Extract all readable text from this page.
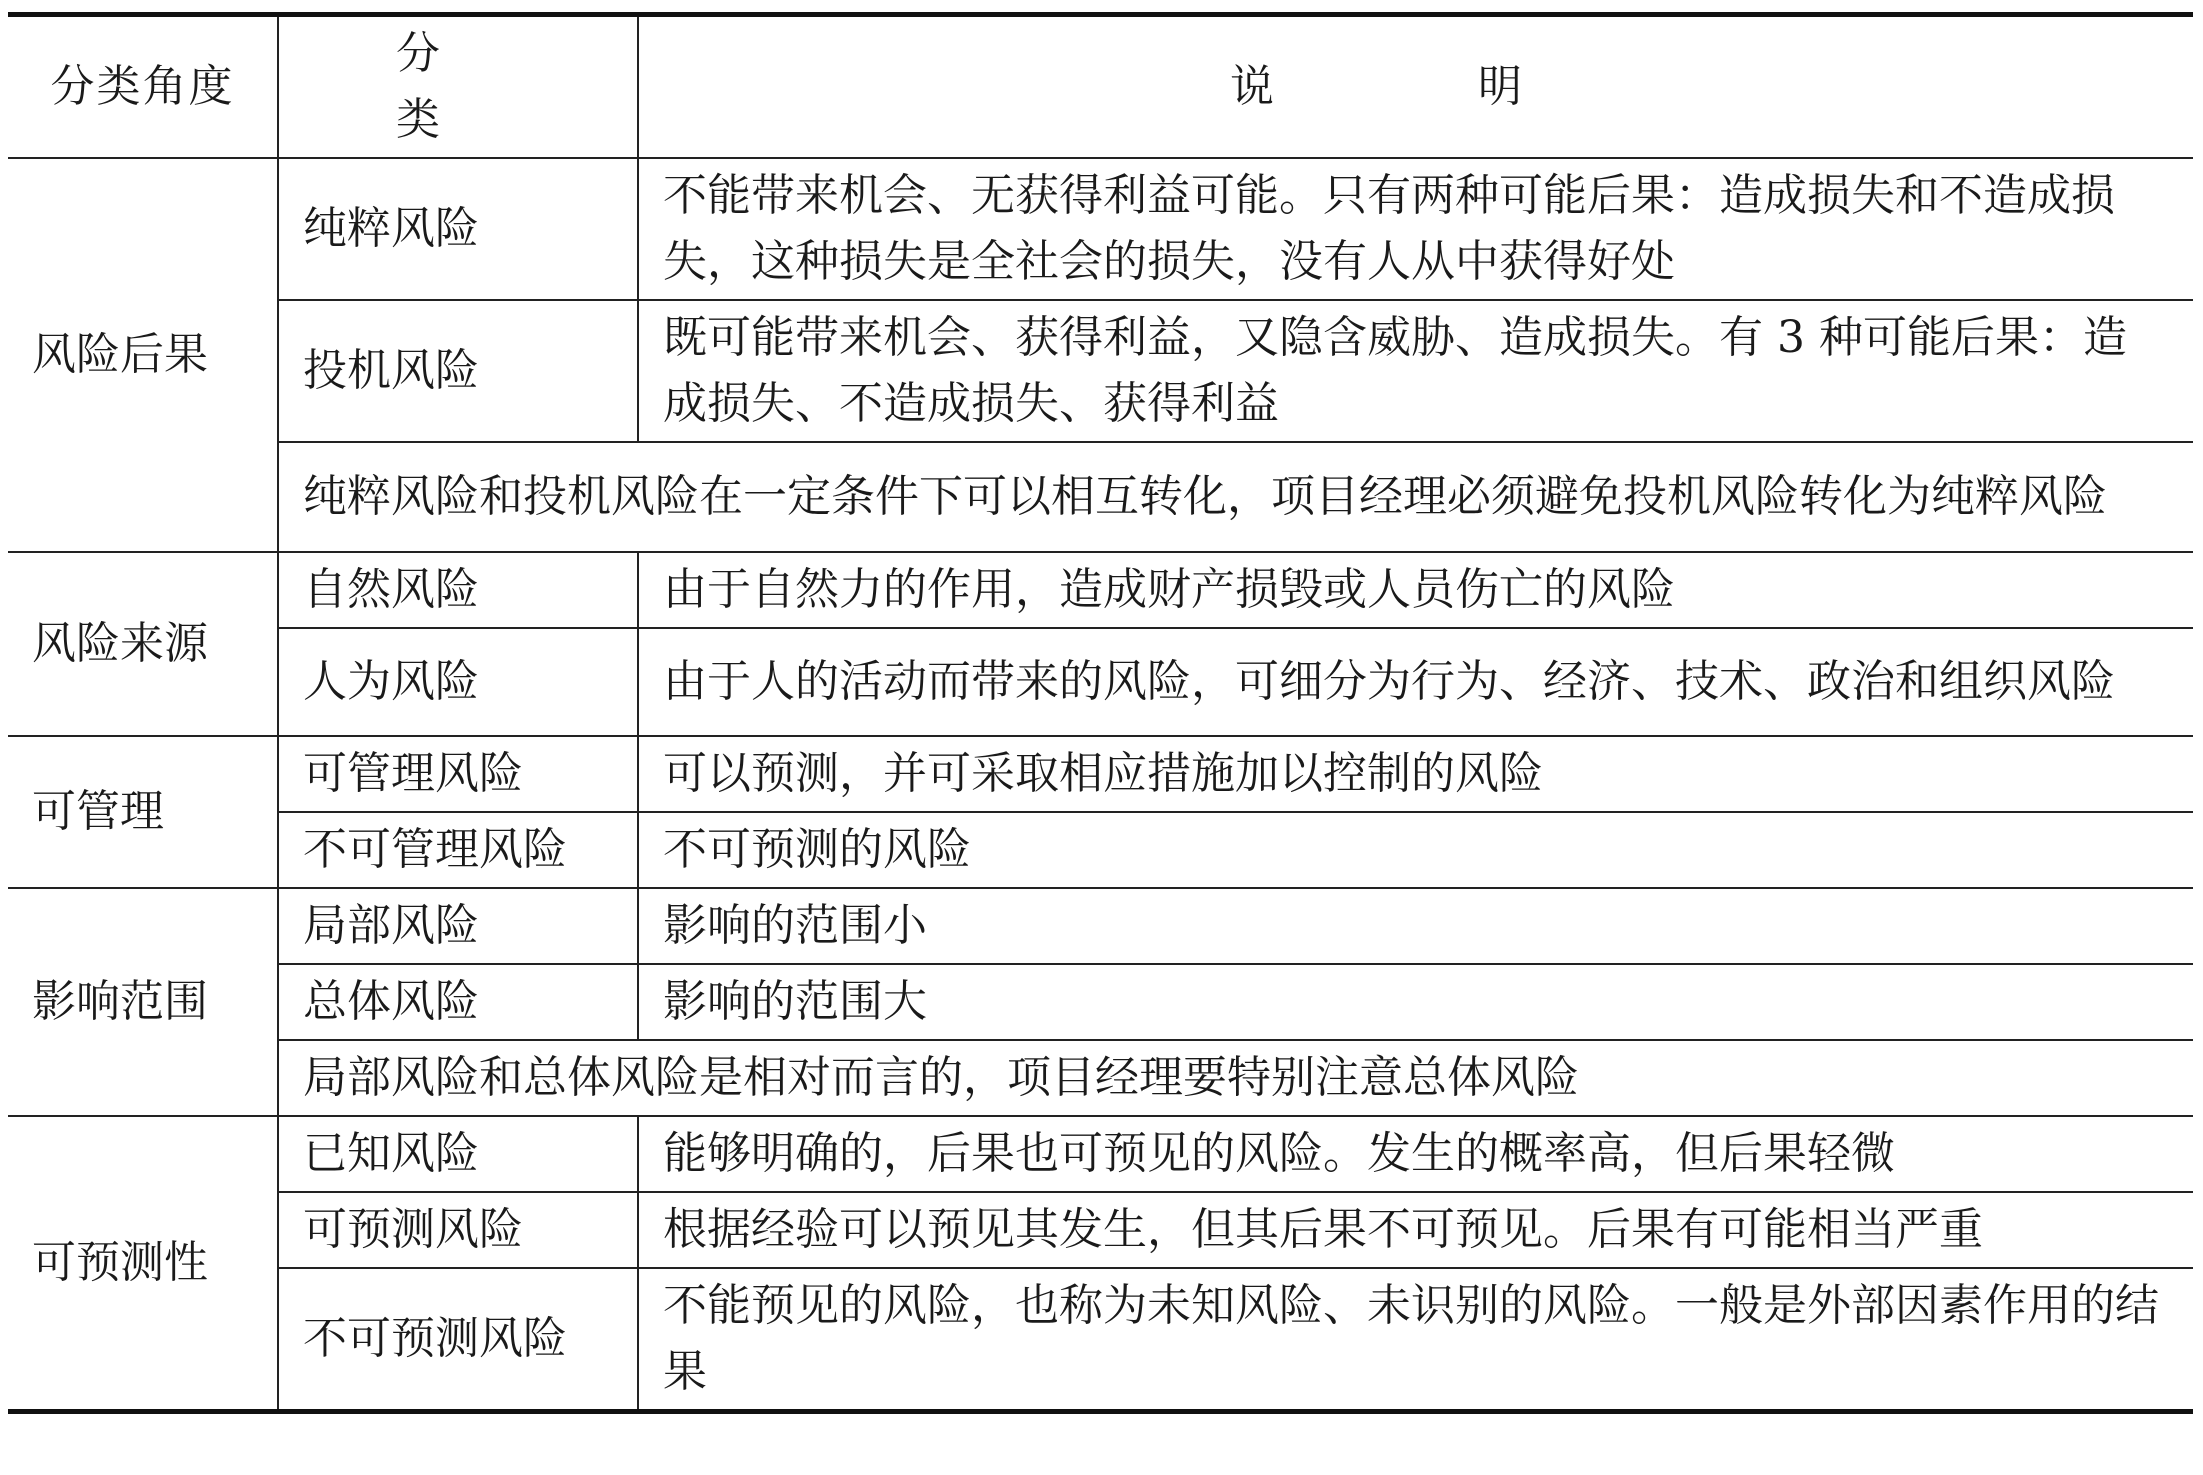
分类角度	分　类	说　明
风险后果	纯粹风险	不能带来机会、无获得利益可能。只有两种可能后果：造成损失和不造成损失，这种损失是全社会的损失，没有人从中获得好处
	投机风险	既可能带来机会、获得利益，又隐含威胁、造成损失。有 3 种可能后果：造成损失、不造成损失、获得利益
	纯粹风险和投机风险在一定条件下可以相互转化，项目经理必须避免投机风险转化为纯粹风险	
风险来源	自然风险	由于自然力的作用，造成财产损毁或人员伤亡的风险
	人为风险	由于人的活动而带来的风险，可细分为行为、经济、技术、政治和组织风险
可管理	可管理风险	可以预测，并可采取相应措施加以控制的风险
	不可管理风险	不可预测的风险
影响范围	局部风险	影响的范围小
	总体风险	影响的范围大
	局部风险和总体风险是相对而言的，项目经理要特别注意总体风险	
可预测性	已知风险	能够明确的，后果也可预见的风险。发生的概率高，但后果轻微
	可预测风险	根据经验可以预见其发生，但其后果不可预见。后果有可能相当严重
	不可预测风险	不能预见的风险，也称为未知风险、未识别的风险。一般是外部因素作用的结果
